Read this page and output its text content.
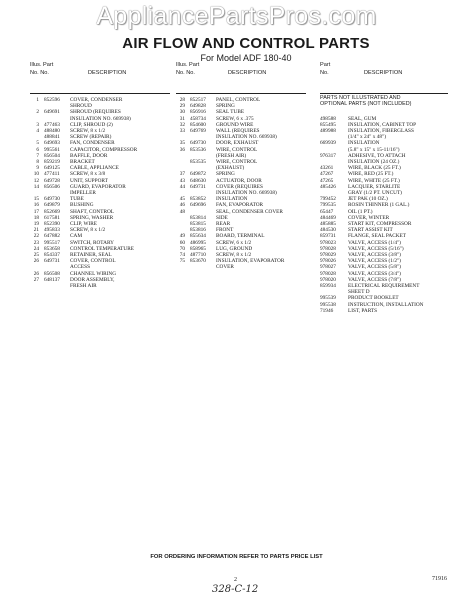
AppliancePartsPros.com
AIR FLOW AND CONTROL PARTS
For Model ADF 180-40
Illus. Part
No. No.	DESCRIPTION
1 852596 COVER, CONDENSER
SHROUD
2 649691 SHROUD (REQUIRES
INSULATION NO. 669938)
3 477463 CLIP, SHROUD (2)
4 488480 SCREW, 8 x 1/2
488841 SCREW (REPAIR)
5 649693 FAN, CONDENSER
6 995561 CAPACITOR, COMPRESSOR
7 856504 BAFFLE, DOOR
8 859219 BRACKET
9 649125 CABLE, APPLIANCE
10 477411 SCREW, 8 x 3/8
12 649728 UNIT, SUPPORT
14 856506 GUARD, EVAPORATOR
IMPELLER
15 649730 TUBE
16 649879 BUSHING
17 852669 SHAFT, CONTROL
18 617581 SPRING, WASHER
19 852390 CLIP, WIRE
21 495833 SCREW, 8 x 1/2
22 647882 CAM
23 995517 SWITCH, ROTARY
24 853658 CONTROL TEMPERATURE
25 854337 RETAINER, SEAL
26 649731 COVER, CONTROL
ACCESS
26 856508 CHANNEL WIRING
27 648137 DOOR ASSEMBLY,
FRESH AIR
Illus. Part
No. No.	DESCRIPTION
28 852517 PANEL, CONTROL
29 649828 SPRING
30 856916 SEAL TUBE
31 458734 SCREW, 6 x .375
32 854600 GROUND WIRE
33 649769 WALL (REQUIRES
INSULATION NO. 669938)
35 649730 DOOR, EXHAUST
36 853536 WIRE, CONTROL
(FRESH AIR)
853535 WIRE, CONTROL
(EXHAUST)
37 649872 SPRING
43 648630 ACTUATOR, DOOR
44 649731 COVER (REQUIRES
INSULATION NO. 669938)
45 853852 INSULATION
46 649696 FAN, EVAPORATOR
48	SEAL, CONDENSER COVER
853814 SIDE
853815 REAR
853816 FRONT
49 855634 BOARD, TERMINAL
60 486995 SCREW, 6 x 1/2
70 858965 LUG, GROUND
74 487710 SCREW, 8 x 1/2
75 853670 INSULATION, EVAPORATOR
COVER
Part
No.	DESCRIPTION
PARTS NOT ILLUSTRATED AND
OPTIONAL PARTS (NOT INCLUDED)
498588	SEAL, GUM
855495	INSULATION, CABINET TOP
489988	INSULATION, FIBERGLASS
(1/4" x 24" x 48")
669939	INSULATION
(5.8" x 15" x 15-11/16")
976317	ADHESIVE, TO ATTACH
INSULATION (24 OZ.)
43261	WIRE, BLACK (25 FT.)
47267	WIRE, RED (25 FT.)
47265	WIRE, WHITE (25 FT.)
485426	LACQUER, STARLITE
GRAY (1/2 PT. UNCUT)
799452	JET PAK (10 OZ.)
799535	ROSIN THINNER (1 GAL.)
65447	OIL (1 PT.)
484469	COVER, WINTER
485885	START KIT, COMPRESSOR
484530	START ASSIST KIT
859731	FLANGE, SEAL PACKET
978023	VALVE, ACCESS (1/4")
978028	VALVE, ACCESS (5/16")
978029	VALVE, ACCESS (3/8")
978026	VALVE, ACCESS (1/2")
978027	VALVE, ACCESS (5/8")
978028	VALVE, ACCESS (3/4")
978020	VALVE, ACCESS (7/8")
859934	ELECTRICAL REQUIREMENT
SHEET D
995539	PRODUCT BOOKLET
995538	INSTRUCTION, INSTALLATION
71946	LIST, PARTS
FOR ORDERING INFORMATION REFER TO PARTS PRICE LIST
2	71916
328-C-12
